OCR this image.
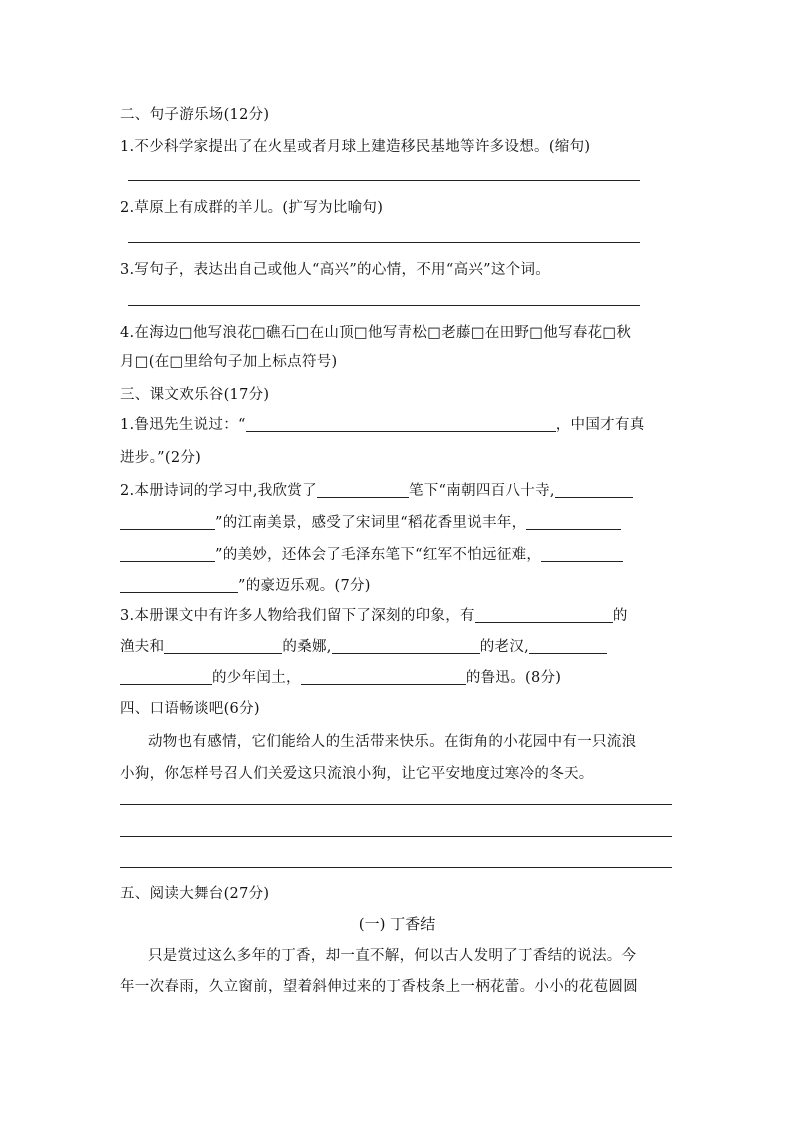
二、句子游乐场(12分)
1.不少科学家提出了在火星或者月球上建造移民基地等许多设想。(缩句)
2.草原上有成群的羊儿。(扩写为比喻句)
3.写句子，表达出自己或他人“高兴”的心情，不用“高兴”这个词。
4.在海边□他写浪花□礁石□在山顶□他写青松□老藤□在田野□他写春花□秋
月□(在□里给句子加上标点符号)
三、课文欢乐谷(17分)
1.鲁迅先生说过：“	，中国才有真
进步。”(2分)
2.本册诗词的学习中,我欣赏了	笔下“南朝四百八十寺,
”的江南美景，感受了宋词里“稻花香里说丰年，
”的美妙，还体会了毛泽东笔下“红军不怕远征难，
”的豪迈乐观。(7分)
3.本册课文中有许多人物给我们留下了深刻的印象，有	的
渔夫和	的桑娜,	的老汉,
的少年闰土，	的鲁迅。(8分)
四、口语畅谈吧(6分)
动物也有感情，它们能给人的生活带来快乐。在街角的小花园中有一只流浪
小狗，你怎样号召人们关爱这只流浪小狗，让它平安地度过寒冷的冬天。
五、阅读大舞台(27分)
(一) 丁香结
只是赏过这么多年的丁香，却一直不解，何以古人发明了丁香结的说法。今
年一次春雨，久立窗前，望着斜伸过来的丁香枝条上一柄花蕾。小小的花苞圆圆
